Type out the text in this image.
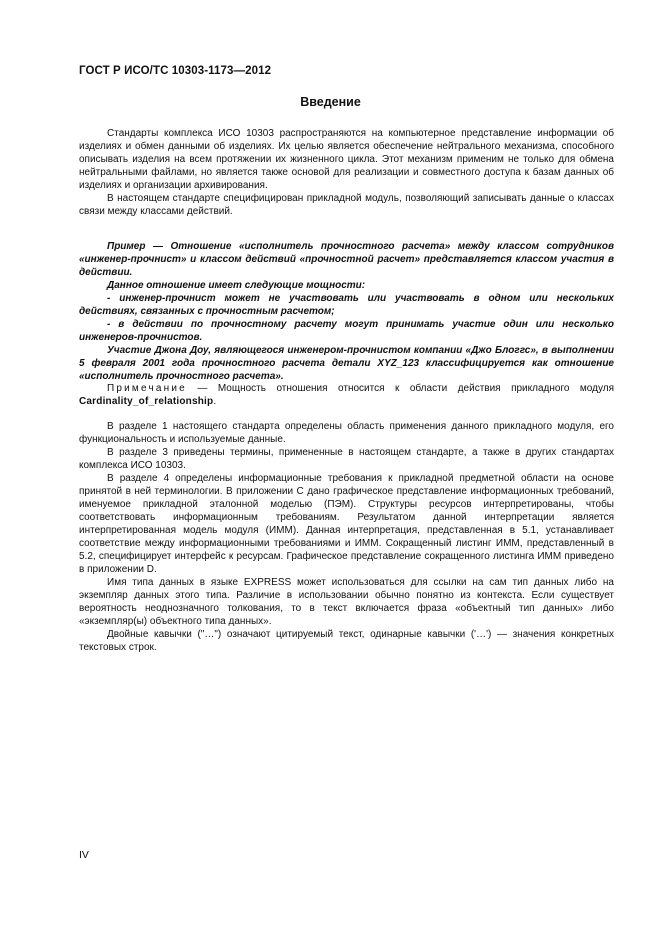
ГОСТ Р ИСО/ТС 10303-1173—2012
Введение

Стандарты комплекса ИСО 10303 распространяются на компьютерное представление информации об изделиях и обмен данными об изделиях. Их целью является обеспечение нейтрального механизма, способного описывать изделия на всем протяжении их жизненного цикла. Этот механизм применим не только для обмена нейтральными файлами, но является также основой для реализации и совместного доступа к базам данных об изделиях и организации архивирования.

В настоящем стандарте специфицирован прикладной модуль, позволяющий записывать данные о классах связи между классами действий.

Пример — Отношение «исполнитель прочностного расчета» между классом сотрудников «инженер-прочнист» и классом действий «прочностной расчет» представляется классом участия в действии.

Данное отношение имеет следующие мощности:

- инженер-прочнист может не участвовать или участвовать в одном или нескольких действиях, связанных с прочностным расчетом;

- в действии по прочностному расчету могут принимать участие один или несколько инженеров-прочнистов.

Участие Джона Доу, являющегося инженером-прочнистом компании «Джо Блоггс», в выполнении 5 февраля 2001 года прочностного расчета детали XYZ_123 классифицируется как отношение «исполнитель прочностного расчета».

Примечание — Мощность отношения относится к области действия прикладного модуля Cardinality_of_relationship.

В разделе 1 настоящего стандарта определены область применения данного прикладного модуля, его функциональность и используемые данные.

В разделе 3 приведены термины, примененные в настоящем стандарте, а также в других стандартах комплекса ИСО 10303.

В разделе 4 определены информационные требования к прикладной предметной области на основе принятой в ней терминологии. В приложении С дано графическое представление информационных требований, именуемое прикладной эталонной моделью (ПЭМ). Структуры ресурсов интерпретированы, чтобы соответствовать информационным требованиям. Результатом данной интерпретации является интерпретированная модель модуля (ИММ). Данная интерпретация, представленная в 5.1, устанавливает соответствие между информационными требованиями и ИММ. Сокращенный листинг ИММ, представленный в 5.2, специфицирует интерфейс к ресурсам. Графическое представление сокращенного листинга ИММ приведено в приложении D.

Имя типа данных в языке EXPRESS может использоваться для ссылки на сам тип данных либо на экземпляр данных этого типа. Различие в использовании обычно понятно из контекста. Если существует вероятность неоднозначного толкования, то в текст включается фраза «объектный тип данных» либо «экземпляр(ы) объектного типа данных».

Двойные кавычки ("…") означают цитируемый текст, одинарные кавычки ('…') — значения конкретных текстовых строк.

IV
